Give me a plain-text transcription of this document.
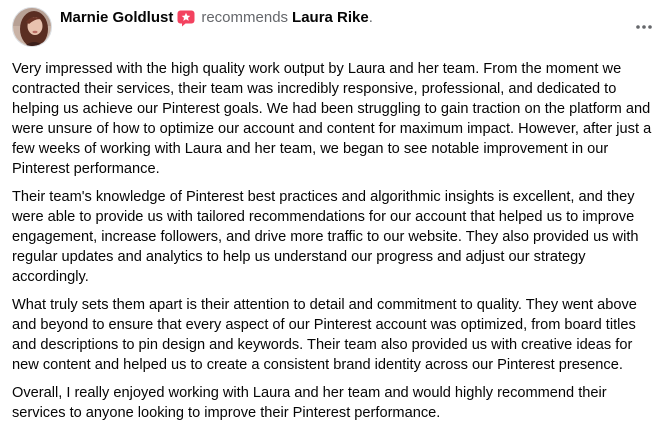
Marnie Goldlust recommends Laura Rike .

Very impressed with the high quality work output by Laura and her team. From the moment we contracted their services, their team was incredibly responsive, professional, and dedicated to helping us achieve our Pinterest goals. We had been struggling to gain traction on the platform and were unsure of how to optimize our account and content for maximum impact. However, after just a few weeks of working with Laura and her team, we began to see notable improvement in our Pinterest performance.

Their team's knowledge of Pinterest best practices and algorithmic insights is excellent, and they were able to provide us with tailored recommendations for our account that helped us to improve engagement, increase followers, and drive more traffic to our website. They also provided us with regular updates and analytics to help us understand our progress and adjust our strategy accordingly.

What truly sets them apart is their attention to detail and commitment to quality. They went above and beyond to ensure that every aspect of our Pinterest account was optimized, from board titles and descriptions to pin design and keywords. Their team also provided us with creative ideas for new content and helped us to create a consistent brand identity across our Pinterest presence.

Overall, I really enjoyed working with Laura and her team and would highly recommend their services to anyone looking to improve their Pinterest performance.
